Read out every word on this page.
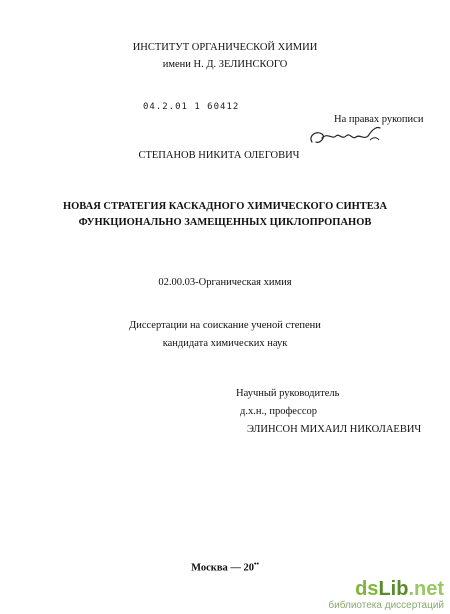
ИНСТИТУТ ОРГАНИЧЕСКОЙ ХИМИИ
имени Н. Д. ЗЕЛИНСКОГО
04.2.01 1 60412
На правах рукописи
СТЕПАНОВ НИКИТА ОЛЕГОВИЧ
НОВАЯ СТРАТЕГИЯ КАСКАДНОГО ХИМИЧЕСКОГО СИНТЕЗА
ФУНКЦИОНАЛЬНО ЗАМЕЩЕННЫХ ЦИКЛОПРОПАНОВ
02.00.03-Органическая химия
Диссертации на соискание ученой степени
кандидата химических наук
Научный руководитель
д.х.н., профессор
ЭЛИНСОН МИХАИЛ НИКОЛАЕВИЧ
Москва — 20••
dsLib.net
библиотека диссертаций
